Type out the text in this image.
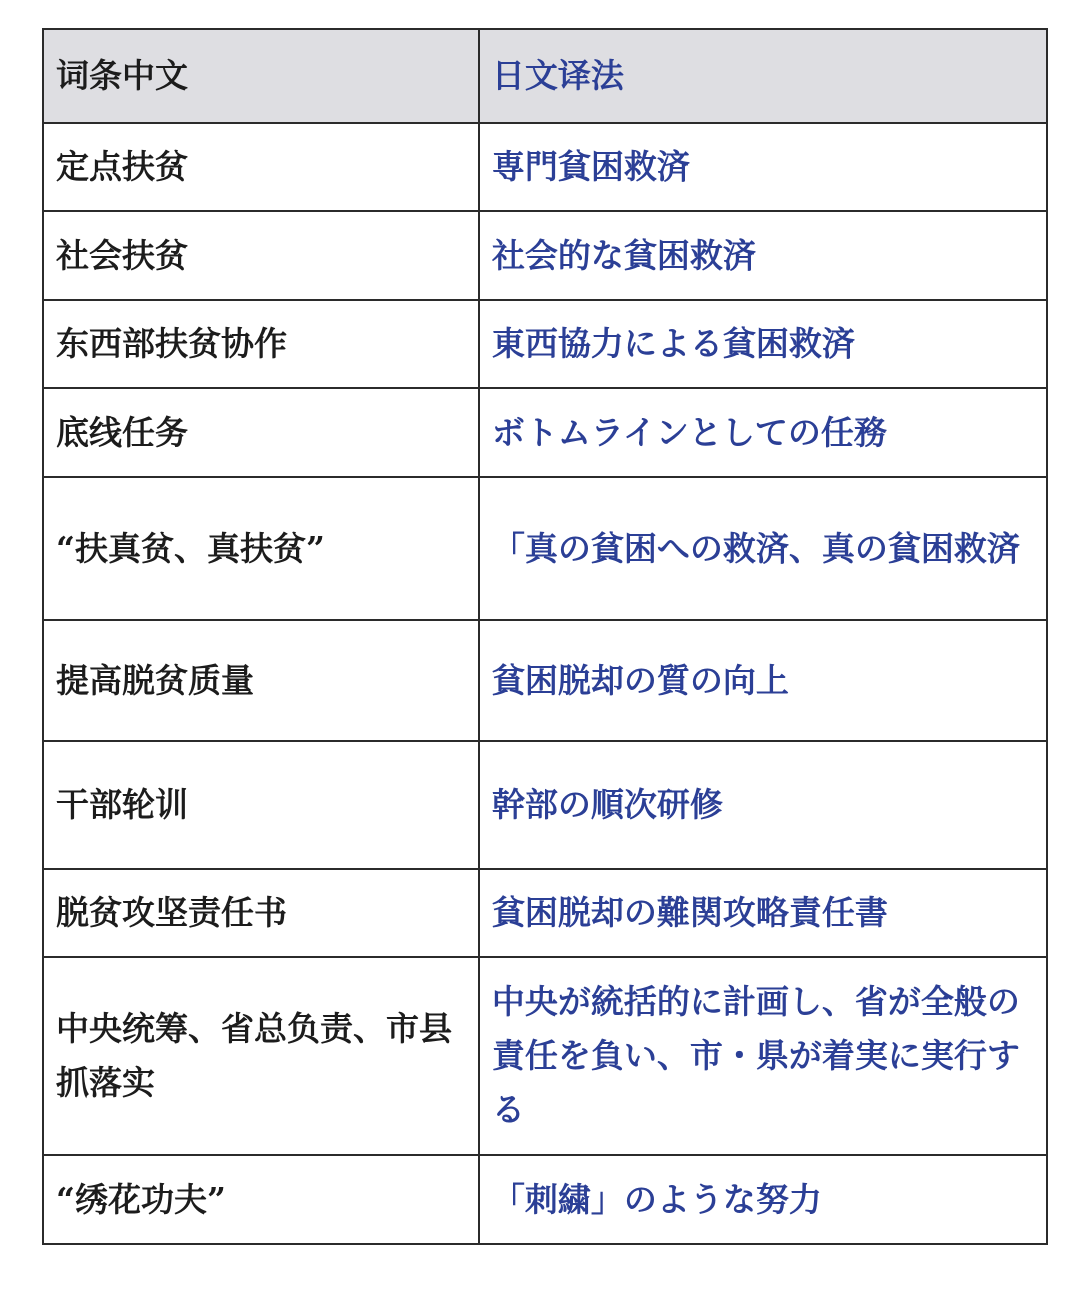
词条中文	日文译法
定点扶贫	専門貧困救済
社会扶贫	社会的な貧困救済
东西部扶贫协作	東西協力による貧困救済
底线任务	ボトムラインとしての任務
“扶真贫、真扶贫”	「真の貧困への救済、真の貧困救済
提高脱贫质量	貧困脱却の質の向上
干部轮训	幹部の順次研修
脱贫攻坚责任书	貧困脱却の難関攻略責任書
中央统筹、省总负责、市县抓落实	中央が統括的に計画し、省が全般の責任を負い、市・県が着実に実行する
“绣花功夫”	「刺繍」のような努力
